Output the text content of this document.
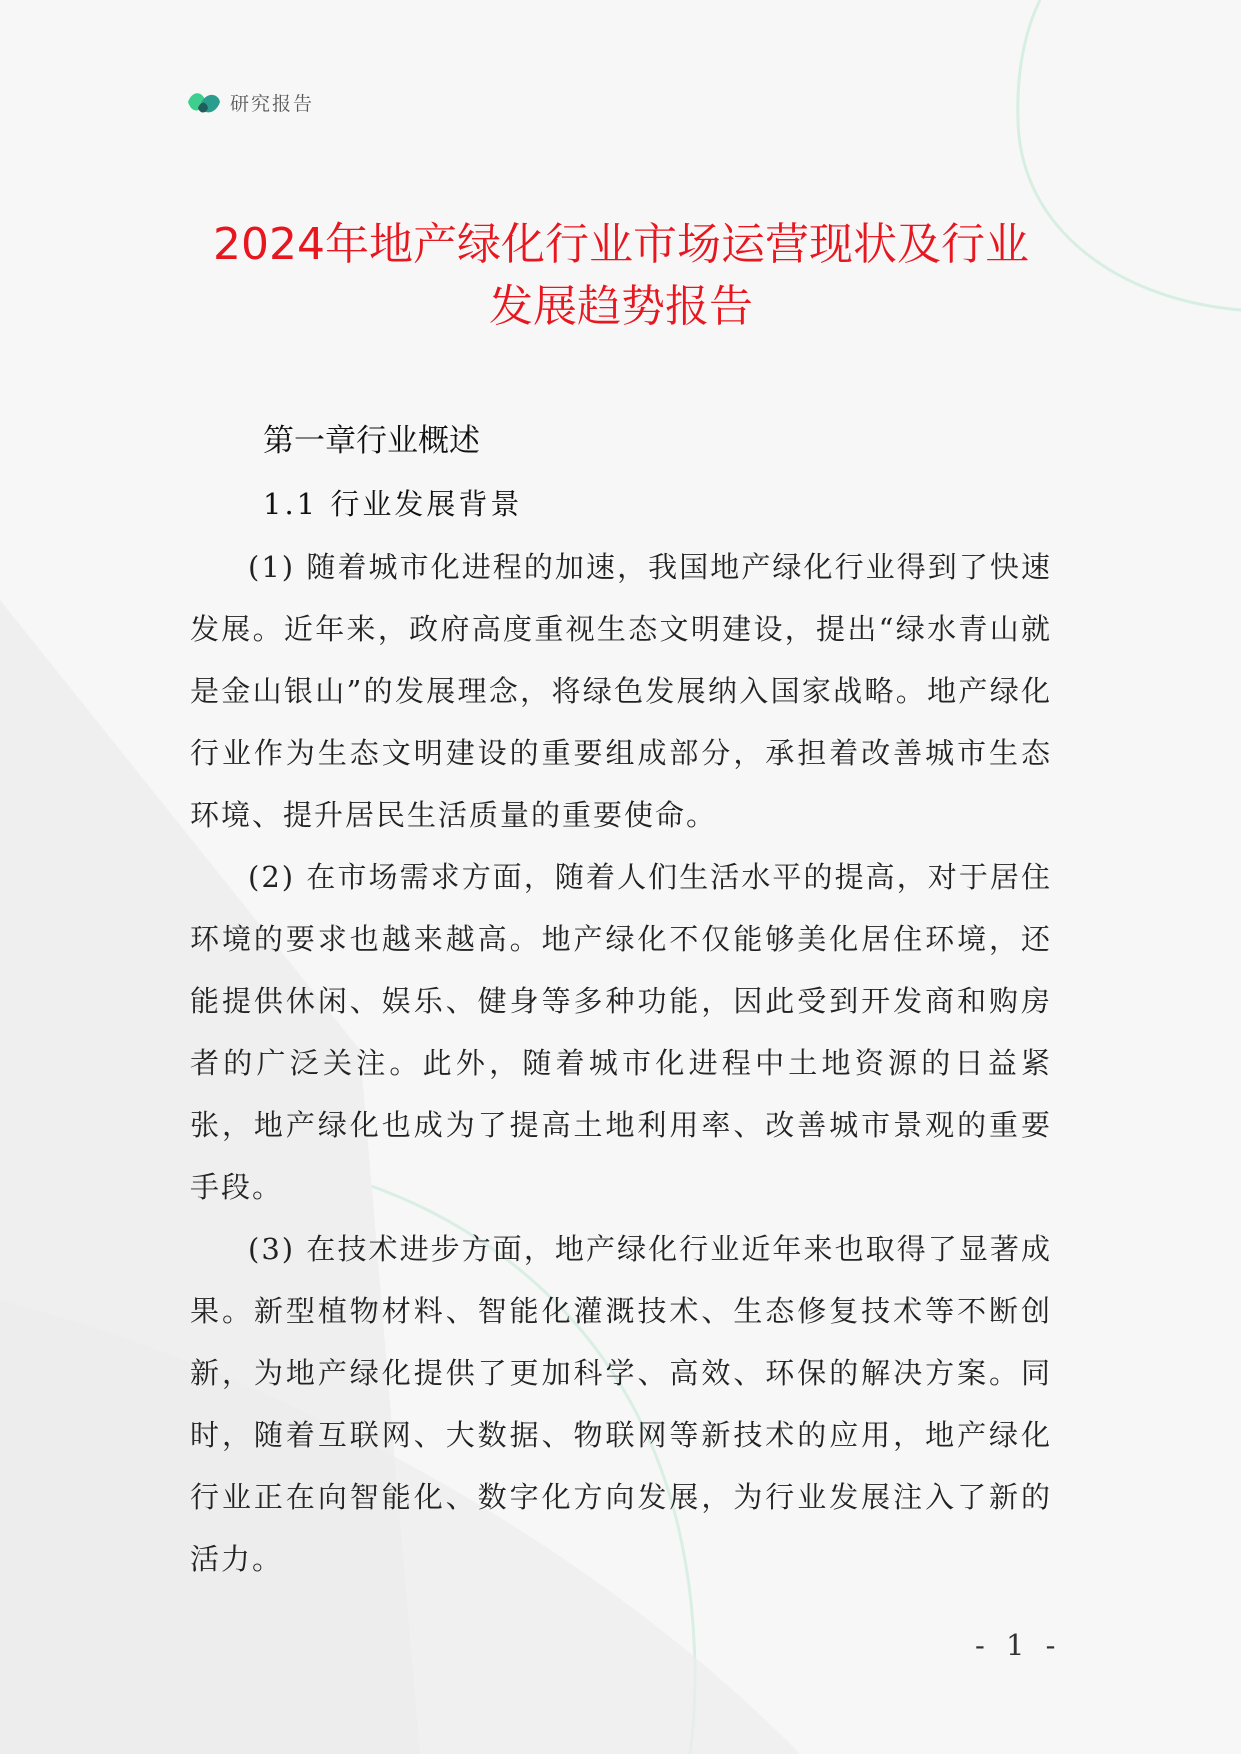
研究报告
2024年地产绿化行业市场运营现状及行业
发展趋势报告
第一章行业概述
1.1 行业发展背景

(1) 随着城市化进程的加速，我国地产绿化行业得到了快速发展。近年来，政府高度重视生态文明建设，提出“绿水青山就是金山银山”的发展理念，将绿色发展纳入国家战略。地产绿化行业作为生态文明建设的重要组成部分，承担着改善城市生态环境、提升居民生活质量的重要使命。

(2) 在市场需求方面，随着人们生活水平的提高，对于居住环境的要求也越来越高。地产绿化不仅能够美化居住环境，还能提供休闲、娱乐、健身等多种功能，因此受到开发商和购房者的广泛关注。此外，随着城市化进程中土地资源的日益紧张，地产绿化也成为了提高土地利用率、改善城市景观的重要手段。

(3) 在技术进步方面，地产绿化行业近年来也取得了显著成果。新型植物材料、智能化灌溉技术、生态修复技术等不断创新，为地产绿化提供了更加科学、高效、环保的解决方案。同时，随着互联网、大数据、物联网等新技术的应用，地产绿化行业正在向智能化、数字化方向发展，为行业发展注入了新的活力。

- 1 -
